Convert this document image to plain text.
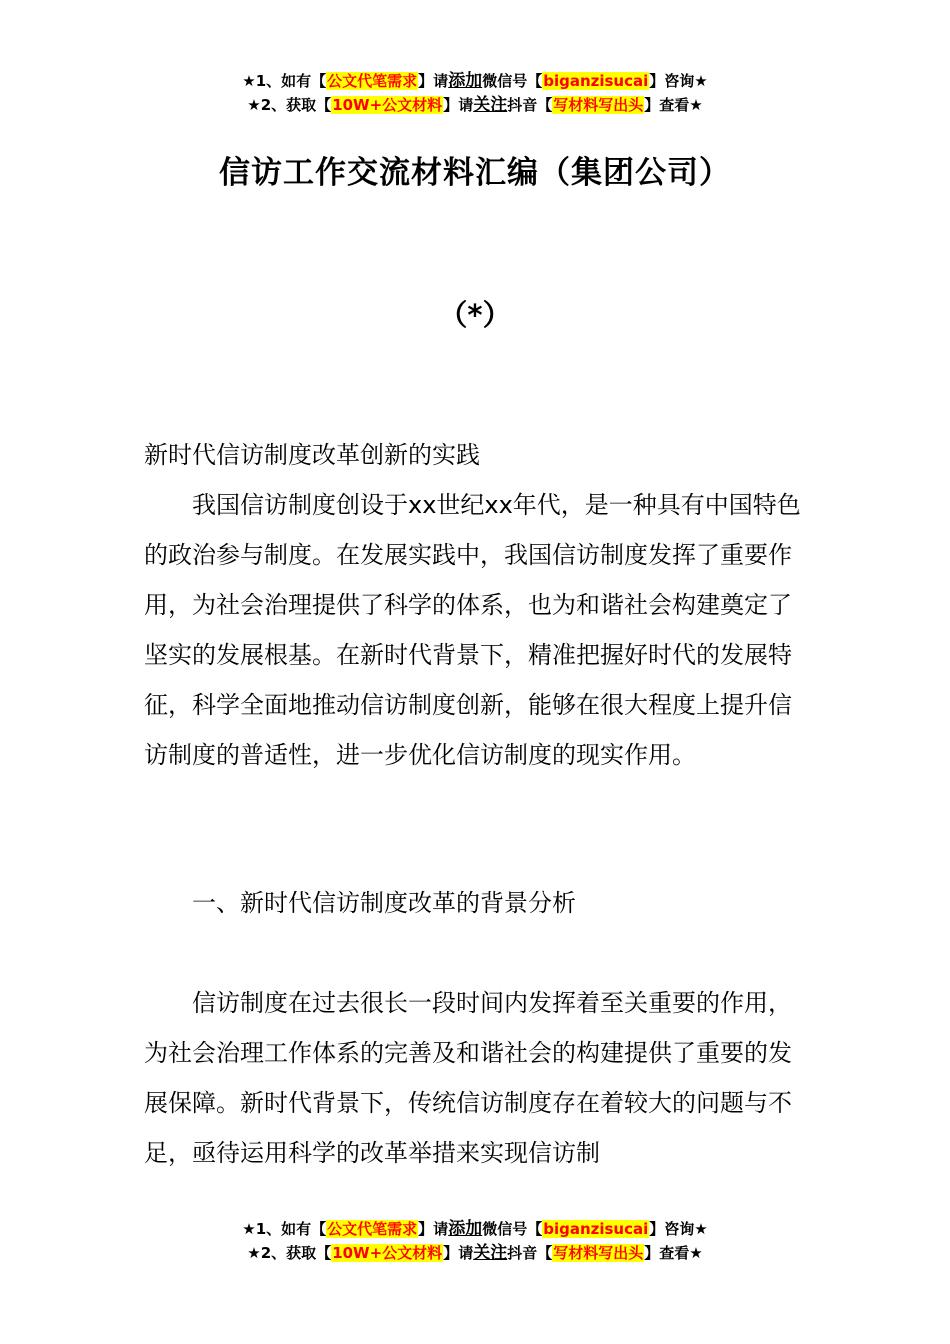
★1、如有【公文代笔需求】请添加微信号【biganzisucai】咨询★
★2、获取【10W+公文材料】请关注抖音【写材料写出头】查看★
信访工作交流材料汇编（集团公司）
（*）
新时代信访制度改革创新的实践
我国信访制度创设于xx世纪xx年代，是一种具有中国特色的政治参与制度。在发展实践中，我国信访制度发挥了重要作用，为社会治理提供了科学的体系，也为和谐社会构建奠定了坚实的发展根基。在新时代背景下，精准把握好时代的发展特征，科学全面地推动信访制度创新，能够在很大程度上提升信访制度的普适性，进一步优化信访制度的现实作用。
一、新时代信访制度改革的背景分析
信访制度在过去很长一段时间内发挥着至关重要的作用，为社会治理工作体系的完善及和谐社会的构建提供了重要的发展保障。新时代背景下，传统信访制度存在着较大的问题与不足，亟待运用科学的改革举措来实现信访制
★1、如有【公文代笔需求】请添加微信号【biganzisucai】咨询★
★2、获取【10W+公文材料】请关注抖音【写材料写出头】查看★
